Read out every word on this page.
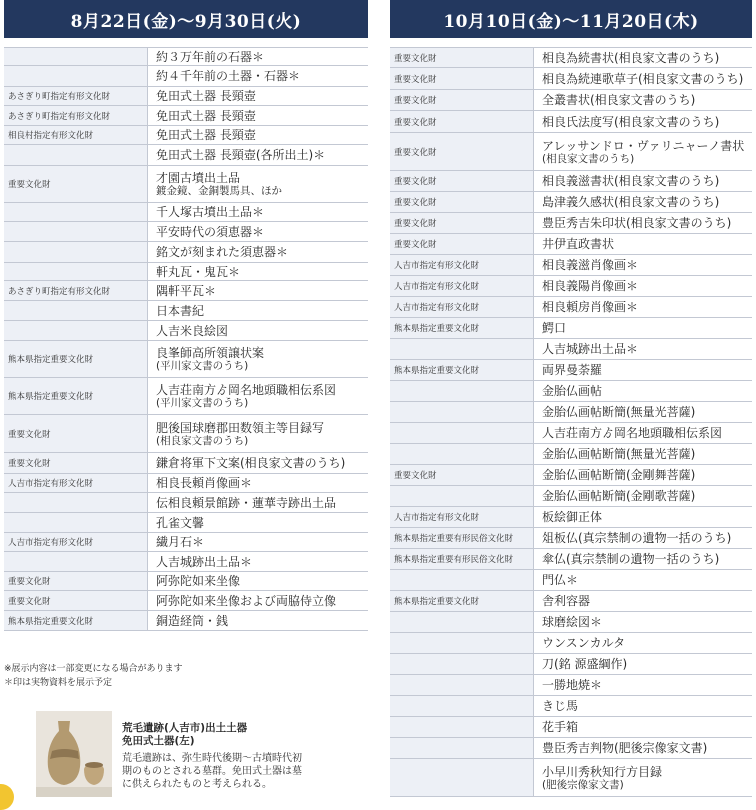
8月22日(金)〜9月30日(火)
約３万年前の石器＊
約４千年前の土器・石器＊
あさぎり町指定有形文化財	免田式土器 長頸壺
あさぎり町指定有形文化財	免田式土器 長頸壺
相良村指定有形文化財	免田式土器 長頸壺
免田式土器 長頸壺(各所出土)＊
重要文化財	才園古墳出土品
鍍金鏡、金銅製馬具、ほか
千人塚古墳出土品＊
平安時代の須恵器＊
銘文が刻まれた須恵器＊
軒丸瓦・鬼瓦＊
あさぎり町指定有形文化財	隅軒平瓦＊
日本書紀
人吉米良絵図
熊本県指定重要文化財	良峯師高所領譲状案
(平川家文書のうち)
熊本県指定重要文化財	人吉荘南方ゟ岡名地頭職相伝系図
(平川家文書のうち)
重要文化財	肥後国球磨郡田数領主等目録写
(相良家文書のうち)
重要文化財	鎌倉将軍下文案(相良家文書のうち)
人吉市指定有形文化財	相良長頼肖像画＊
伝相良頼景館跡・蓮華寺跡出土品
孔雀文馨
人吉市指定有形文化財	繊月石＊
人吉城跡出土品＊
重要文化財	阿弥陀如来坐像
重要文化財	阿弥陀如来坐像および両脇侍立像
熊本県指定重要文化財	銅造経筒・銭
※展示内容は一部変更になる場合があります
＊印は実物資料を展示予定
荒毛遺跡(人吉市)出土土器
免田式土器(左)
荒毛遺跡は、弥生時代後期〜古墳時代初
期のものとされる墓群。免田式土器は墓
に供えられたものと考えられる。
10月10日(金)〜11月20日(木)
重要文化財	相良為続書状(相良家文書のうち)
重要文化財	相良為続連歌草子(相良家文書のうち)
重要文化財	全叢書状(相良家文書のうち)
重要文化財	相良氏法度写(相良家文書のうち)
重要文化財	アレッサンドロ・ヴァリニャーノ書状
(相良家文書のうち)
重要文化財	相良義滋書状(相良家文書のうち)
重要文化財	島津義久感状(相良家文書のうち)
重要文化財	豊臣秀吉朱印状(相良家文書のうち)
重要文化財	井伊直政書状
人吉市指定有形文化財	相良義滋肖像画＊
人吉市指定有形文化財	相良義陽肖像画＊
人吉市指定有形文化財	相良頼房肖像画＊
熊本県指定重要文化財	鰐口
人吉城跡出土品＊
熊本県指定重要文化財	両界曼荼羅
金胎仏画帖
金胎仏画帖断簡(無量光菩薩)
人吉荘南方ゟ岡名地頭職相伝系図
金胎仏画帖断簡(無量光菩薩)
重要文化財	金胎仏画帖断簡(金剛舞菩薩)
金胎仏画帖断簡(金剛歌菩薩)
人吉市指定有形文化財	板絵御正体
熊本県指定重要有形民俗文化財	俎板仏(真宗禁制の遺物一括のうち)
熊本県指定重要有形民俗文化財	傘仏(真宗禁制の遺物一括のうち)
門仏＊
熊本県指定重要文化財	舎利容器
球磨絵図＊
ウンスンカルタ
刀(銘 源盛綱作)
一勝地焼＊
きじ馬
花手箱
豊臣秀吉判物(肥後宗像家文書)
小早川秀秋知行方目録
(肥後宗像家文書)
